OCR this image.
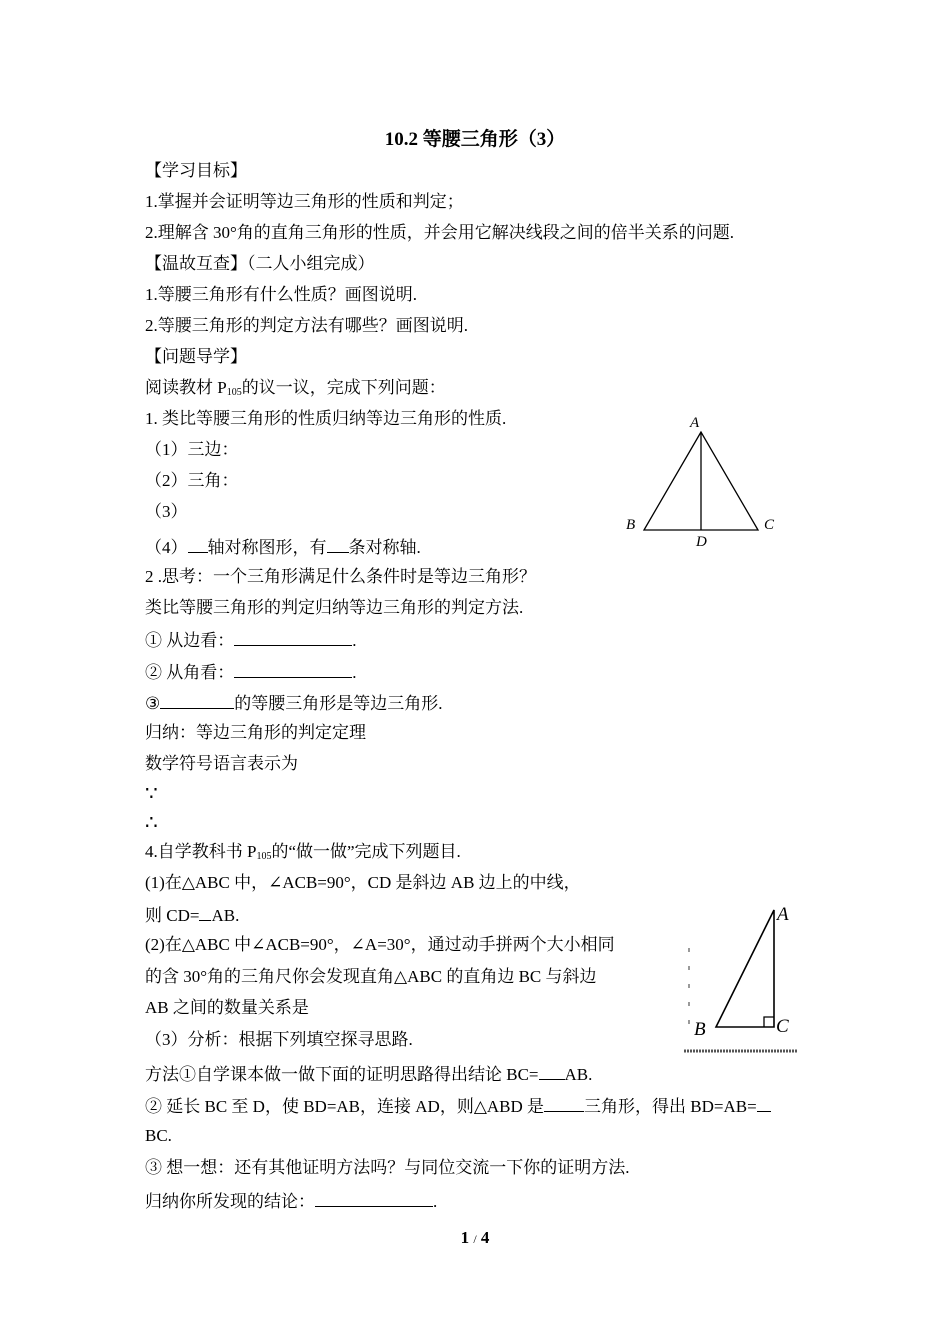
10.2 等腰三角形（3）
【学习目标】
1.掌握并会证明等边三角形的性质和判定；
2.理解含 30°角的直角三角形的性质，并会用它解决线段之间的倍半关系的问题.
【温故互查】（二人小组完成）
1.等腰三角形有什么性质？画图说明.
2.等腰三角形的判定方法有哪些？画图说明.
【问题导学】
阅读教材 $P_{105}$的议一议，完成下列问题：
1. 类比等腰三角形的性质归纳等边三角形的性质.
（1）三边：
（2）三角：
（3）
（4） 轴对称图形，有 条对称轴.
2 .思考：一个三角形满足什么条件时是等边三角形？
类比等腰三角形的判定归纳等边三角形的判定方法.
① 从边看：	.
② 从角看：	.
③	的等腰三角形是等边三角形.
归纳：等边三角形的判定定理
数学符号语言表示为
∵
∴
4.自学教科书 $P_{105}$的“做一做”完成下列题目.
(1)在△ABC 中，∠ACB=90°，CD 是斜边 AB 边上的中线，
则 CD= AB.
(2)在△ABC 中∠ACB=90°，∠A=30°，通过动手拼两个大小相同
的含 30°角的三角尺你会发现直角△ABC 的直角边 BC 与斜边
AB 之间的数量关系是
（3）分析：根据下列填空探寻思路.
方法①自学课本做一做下面的证明思路得出结论 BC= AB.
② 延长 BC 至 D，使 BD=AB，连接 AD，则△ABD 是 三角形，得出 BD=AB=
BC.
③ 想一想：还有其他证明方法吗？与同位交流一下你的证明方法.
归纳你所发现的结论：	.
A
B	C
D
A
B	C
1 / 4
